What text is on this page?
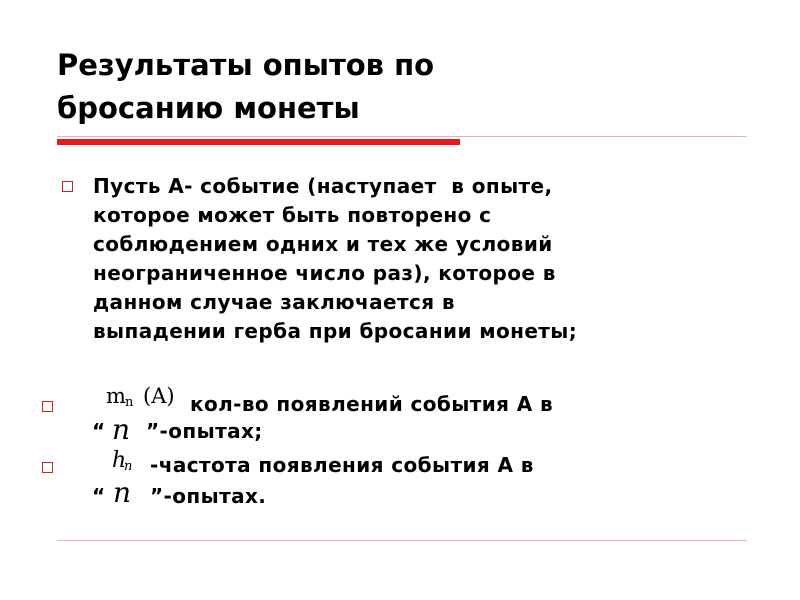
Результаты опытов по
бросанию монеты
Пусть А- событие (наступает  в опыте,
которое может быть повторено с
соблюдением одних и тех же условий
неограниченное число раз), которое в
данном случае заключается в
выпадении герба при бросании монеты;
m n (A) кол-во появлений события А в
“ n ”-опытах;
h
n
n
-частота появления события А в
“ ”-опытах.
